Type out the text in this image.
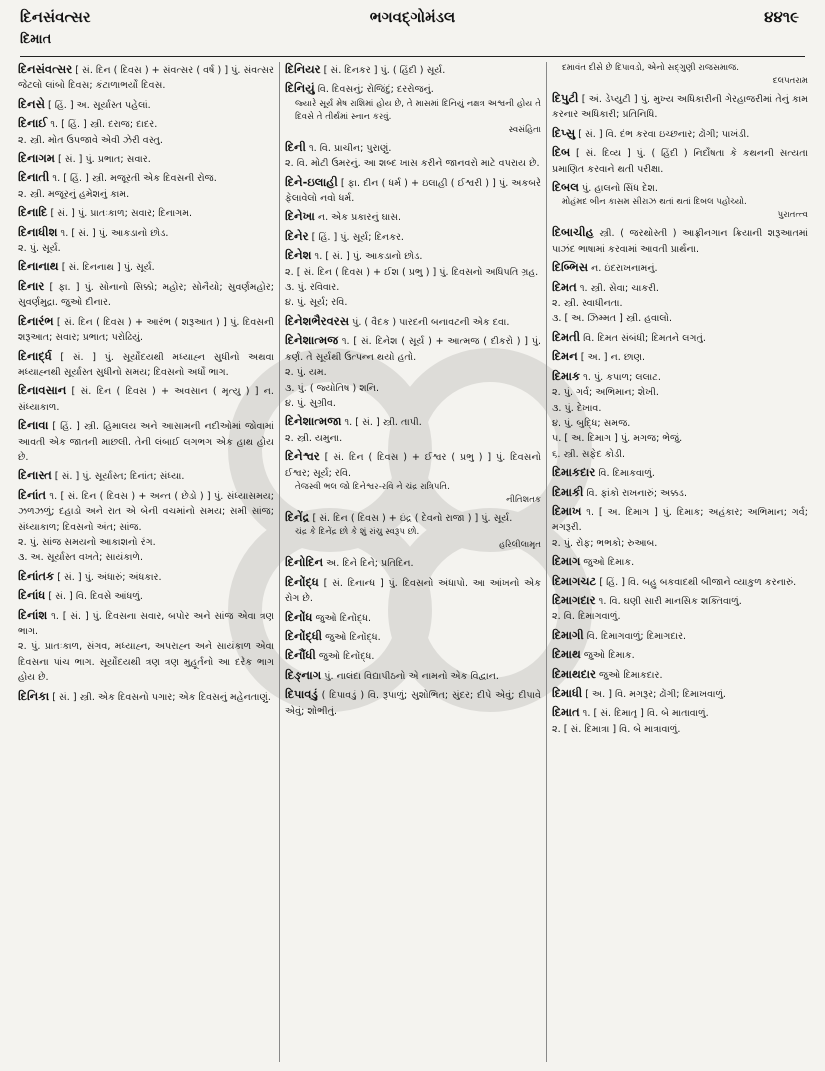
દિનસંવત્સર
દિમાત
ભગવદ્ગોમંડલ	૪૪૧૯

દિનસંવત્સર [ સં. દિન ( દિવસ ) + સંવત્સર ( વર્ષ ) ] પું. સંવત્સર જેટલો લાંબો દિવસ; કંટાળાભર્યો દિવસ.

દિનસે [ હિં. ] અ. સૂર્યાસ્ત પહેલાં.

દિનાઈ ૧. [ હિં. ] સ્ત્રી. દરાજ; દાદર.

૨. સ્ત્રી. મોત ઉપજાવે એવી ઝેરી વસ્તુ.

દિનાગમ [ સં. ] પું. પ્રભાત; સવાર.

દિનાતી ૧. [ હિં. ] સ્ત્રી. મજૂરતી એક દિવસની રોજ.

૨. સ્ત્રી. મજૂરનું હમેશનું કામ.

દિનાદિ [ સં. ] પું. પ્રાતઃકાળ; સવાર; દિનાગમ.

દિનાધીશ ૧. [ સં. ] પું. આકડાનો છોડ.

૨. પું. સૂર્ય.

દિનાનાથ [ સં. દિનનાથ ] પું. સૂર્ય.

દિનાર [ ફા. ] પું. સોનાનો સિક્કો; મહોર; સોનૈયો; સુવર્ણમહોર; સુવર્ણમુદ્રા. જુઓ દીનાર.

દિનારંભ [ સં. દિન ( દિવસ ) + આરંભ ( શરૂઆત ) ] પું. દિવસની શરૂઆત; સવાર; પ્રભાત; પરોઢિયું.

દિનાર્દ્ધ [ સં. ] પું. સૂર્યોદયથી મધ્યાહ્ન સુધીનો અથવા મધ્યાહ્નથી સૂર્યાસ્ત સુધીનો સમય; દિવસનો અર્ધો ભાગ.

દિનાવસાન [ સં. દિન ( દિવસ ) + અવસાન ( મૃત્યુ ) ] ન. સંધ્યાકાળ.

દિનાવા [ હિં. ] સ્ત્રી. હિમાલય અને આસામની નદીઓમાં જોવામાં આવતી એક જાતની માછલી. તેની લંબાઈ લગભગ એક હાથ હોય છે.

દિનાસ્ત [ સં. ] પું. સૂર્યાસ્ત; દિનાંત; સંધ્યા.

દિનાંત ૧. [ સં. દિન ( દિવસ ) + અન્ત ( છેડો ) ] પું. સંધ્યાસમય; ઝળઝળું; દહાડો અને રાત એ બેની વચમાંનો સમય; સમી સાંજ; સંધ્યાકાળ; દિવસનો અંત; સાંજ.

૨. પું. સાંજ સમયનો આકાશનો રંગ.

૩. અ. સૂર્યાસ્ત વખતે; સાયંકાળે.

દિનાંતક [ સં. ] પું. અંધારું; અંધકાર.

દિનાંધ [ સં. ] વિ. દિવસે આંધળું.

દિનાંશ ૧. [ સં. ] પું. દિવસના સવાર, બપોર અને સાંજ એવા ત્રણ ભાગ.

૨. પું. પ્રાતઃકાળ, સંગવ, મધ્યાહ્ન, અપરાહ્ન અને સાયંકાળ એવા દિવસના પાંચ ભાગ. સૂર્યોદયથી ત્રણ ત્રણ મુહૂર્તનો આ દરેક ભાગ હોય છે.

દિનિકા [ સં. ] સ્ત્રી. એક દિવસનો પગાર; એક દિવસનું મહેનતાણું.

દિનિયર [ સં. દિનકર ] પું. ( હિંદી ) સૂર્ય.

દિનિયું વિ. દિવસનું; રોજિંદું; દરરોજનું.

જ્યારે સૂર્ય મેષ રાશિમાં હોય છે, તે માસમાં દિનિયું નક્ષત્ર અશ્વની હોય તે દિવસે તે તીર્થમાં સ્નાન કરવું.
સ્વસંહિતા

દિની ૧. વિ. પ્રાચીન; પુરાણું.

૨. વિ. મોટી ઉમરનું. આ શબ્દ ખાસ કરીને જાનવરો માટે વપરાય છે.

દિને-ઇલાહી [ ફા. દીન ( ધર્મ ) + ઇલાહી ( ઈશ્વરી ) ] પું. અકબરે ફેલાવેલો નવો ધર્મ.

દિનેખા ન. એક પ્રકારનું ઘાસ.

દિનેર [ હિં. ] પું. સૂર્ય; દિનકર.

દિનેશ ૧. [ સં. ] પું. આકડાનો છોડ.

૨. [ સં. દિન ( દિવસ ) + ઈશ ( પ્રભુ ) ] પું. દિવસનો અધિપતિ ગ્રહ.

૩. પું. રવિવાર.

૪. પું. સૂર્ય; રવિ.

દિનેશભૈરવરસ પું. ( વૈદક ) પારદની બનાવટની એક દવા.

દિનેશાત્મજ ૧. [ સં. દિનેશ ( સૂર્ય ) + આત્મજ ( દીકરો ) ] પું. કર્ણ. તે સૂર્યથી ઉત્પન્ન થયો હતો.

૨. પું. યમ.

૩. પું. ( જ્યોતિષ ) શનિ.

૪. પું. સુગ્રીવ.

દિનેશાત્મજા ૧. [ સં. ] સ્ત્રી. તાપી.

૨. સ્ત્રી. યમુના.

દિનેશ્વર [ સં. દિન ( દિવસ ) + ઈશ્વર ( પ્રભુ ) ] પું. દિવસનો ઈશ્વર; સૂર્ય; રવિ.

તેજસ્વી ભલ જો દિનેશ્વર-રવિ ને ચંદ્ર રાત્રિપતિ.
નીતિશતક

દિનેંદ્ર [ સં. દિન ( દિવસ ) + ઇંદ્ર ( દેવનો રાજા ) ] પું. સૂર્ય.

ચંદ્ર કે દિનેંદ્ર છો કે શું રાંચુ સ્વરૂપ છો.
હરિલીલામૃત

દિનોદિન અ. દિને દિને; પ્રતિદિન.

દિનોંદ્ધ [ સં. દિનાન્ધ ] પું. દિવસનો અંધાપો. આ આંખનો એક રોગ છે.

દિનોંધ જુઓ દિનોંદ્ધ.

દિનોંદ્ધી જુઓ દિનોંદ્ધ.

દિનૌંધી જુઓ દિનોંદ્ધ.

દિઙ્નાગ પું. નાલંદા વિદ્યાપીઠનો એ નામનો એક વિદ્વાન.

દિપાવડું ( દિપાવડું ) વિ. રૂપાળું; સુશોભિત; સુંદર; દીપે એવું; દીપાવે એવું; શોભીતું.

દમાવંત દીસે છે દિપાવડો, એનો સદ્ગુણી રાજસમાજ.

દલપતરામ

દિપુટી [ અં. ડેપ્યુટી ] પું. મુખ્ય અધિકારીની ગેરહાજરીમાં તેનું કામ કરનાર અધિકારી; પ્રતિનિધિ.

દિપ્સુ [ સં. ] વિ. દંભ કરવા ઇચ્છનાર; ઢોંગી; પાખંડી.

દિબ [ સં. દિવ્ય ] પું. ( હિંદી ) નિર્દોષતા કે કથનની સત્યતા પ્રમાણિત કરવાને થતી પરીક્ષા.

દિબલ પું. હાલનો સિંધ દેશ.

મોહંમદ બીન કાસમ સીરાઝ થતાં થતાં દિબલ પહોંચ્યો.
પુરાતત્ત્વ

દિબાચીહ સ્ત્રી. ( જરથોસ્તી ) આફ્રીનગાન ક્રિયાની શરૂઆતમાં પાઝંદ ભાષામાં કરવામાં આવતી પ્રાર્થના.

દિબ્ભિસ ન. ઇંદરાખનામનું.

દિમત ૧. સ્ત્રી. સેવા; ચાકરી.

૨. સ્ત્રી. સ્વાધીનતા.

૩. [ અ. ઝિમ્મત ] સ્ત્રી. હવાલો.

દિમતી વિ. દિમત સંબંધી; દિમતને લગતું.

દિમન [ અ. ] ન. છાણ.

દિમાક ૧. પું. કપાળ; લલાટ.

૨. પું. ગર્વ; અભિમાન; શેખી.

૩. પું. દેખાવ.

૪. પું. બુદ્ધિ; સમજ.

૫. [ અ. દિમાગ ] પું. મગજ; ભેજું.

૬. સ્ત્રી. સફેદ કોડી.

દિમાકદાર વિ. દિમાકવાળું.

દિમાકી વિ. ફાંકો રાખનારું; અક્કડ.

દિમાખ ૧. [ અ. દિમાગ ] પું. દિમાક; અહંકાર; અભિમાન; ગર્વ; મગરૂરી.

૨. પું. રોફ; ભભકો; રુઆબ.

દિમાગ જુઓ દિમાક.

દિમાગચટ [ હિં. ] વિ. બહુ બકવાદથી બીજાને વ્યાકુળ કરનારું.

દિમાગદાર ૧. વિ. ઘણી સારી માનસિક શક્તિવાળું.

૨. વિ. દિમાગવાળું.

દિમાગી વિ. દિમાગવાળું; દિમાગદાર.

દિમાથ જુઓ દિમાક.

દિમાથદાર જુઓ દિમાકદાર.

દિમાધી [ અ. ] વિ. મગરૂર; ઢોંગી; દિમાખવાળું.

દિમાત ૧. [ સં. દિમાતૃ ] વિ. બે માતાવાળું.

૨. [ સં. દિમાત્રા ] વિ. બે માત્રાવાળું.
